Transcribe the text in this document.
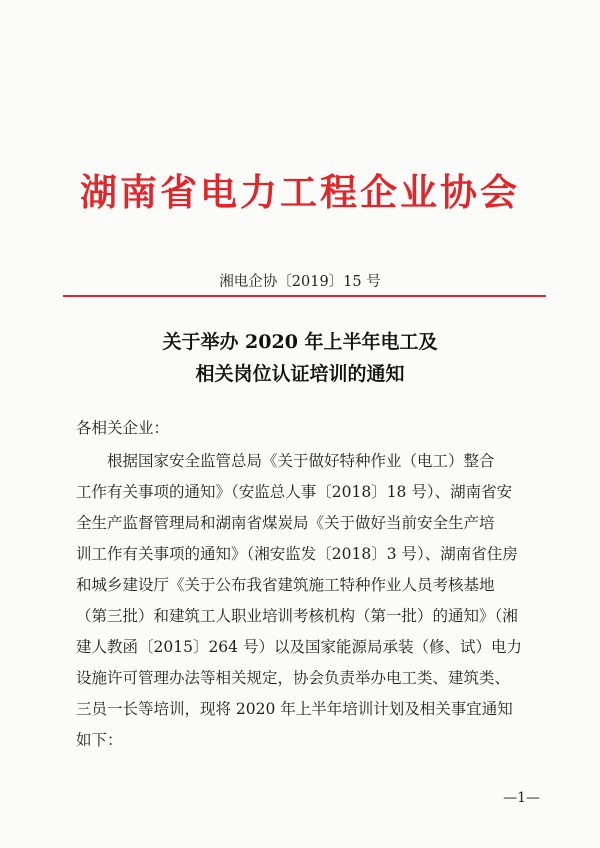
湖南省电力工程企业协会
湘电企协〔2019〕15 号
关于举办 2020 年上半年电工及
相关岗位认证培训的通知
各相关企业：
根据国家安全监管总局《关于做好特种作业（电工）整合
工作有关事项的通知》（安监总人事〔2018〕18 号）、湖南省安
全生产监督管理局和湖南省煤炭局《关于做好当前安全生产培
训工作有关事项的通知》（湘安监发〔2018〕3 号）、湖南省住房
和城乡建设厅《关于公布我省建筑施工特种作业人员考核基地
（第三批）和建筑工人职业培训考核机构（第一批）的通知》（湘
建人教函〔2015〕264 号）以及国家能源局承装（修、试）电力
设施许可管理办法等相关规定，协会负责举办电工类、建筑类、
三员一长等培训，现将 2020 年上半年培训计划及相关事宜通知
如下：
—1—
